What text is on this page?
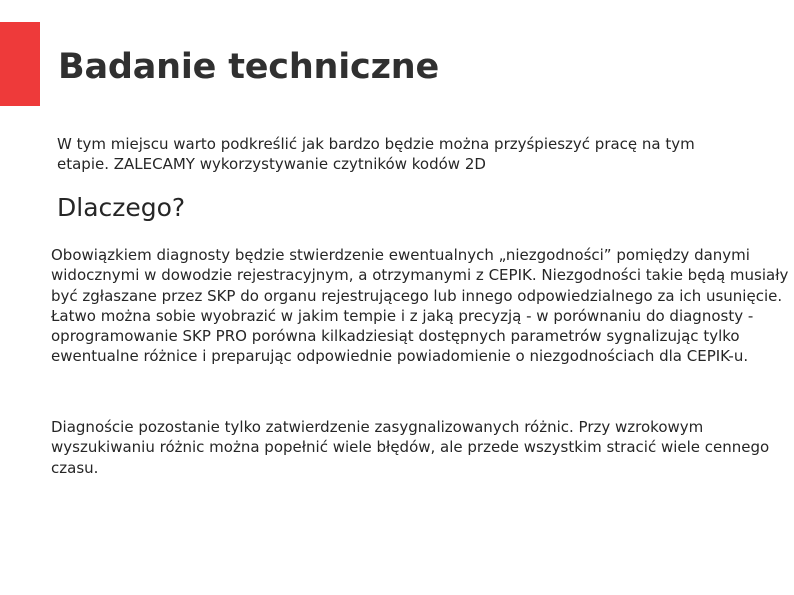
Badanie techniczne

W tym miejscu warto podkreślić jak bardzo będzie można przyśpieszyć pracę na tym etapie. ZALECAMY wykorzystywanie czytników kodów 2D

Dlaczego?

Obowiązkiem diagnosty będzie stwierdzenie ewentualnych „niezgodności” pomiędzy danymi widocznymi w dowodzie rejestracyjnym, a otrzymanymi z CEPIK. Niezgodności takie będą musiały być zgłaszane przez SKP do organu rejestrującego lub innego odpowiedzialnego za ich usunięcie. Łatwo można sobie wyobrazić w jakim tempie i z jaką precyzją - w porównaniu do diagnosty - oprogramowanie SKP PRO porówna kilkadziesiąt dostępnych parametrów sygnalizując tylko ewentualne różnice i preparując odpowiednie powiadomienie o niezgodnościach dla CEPIK-u.

Diagnoście pozostanie tylko zatwierdzenie zasygnalizowanych różnic. Przy wzrokowym wyszukiwaniu różnic można popełnić wiele błędów, ale przede wszystkim stracić wiele cennego czasu.
